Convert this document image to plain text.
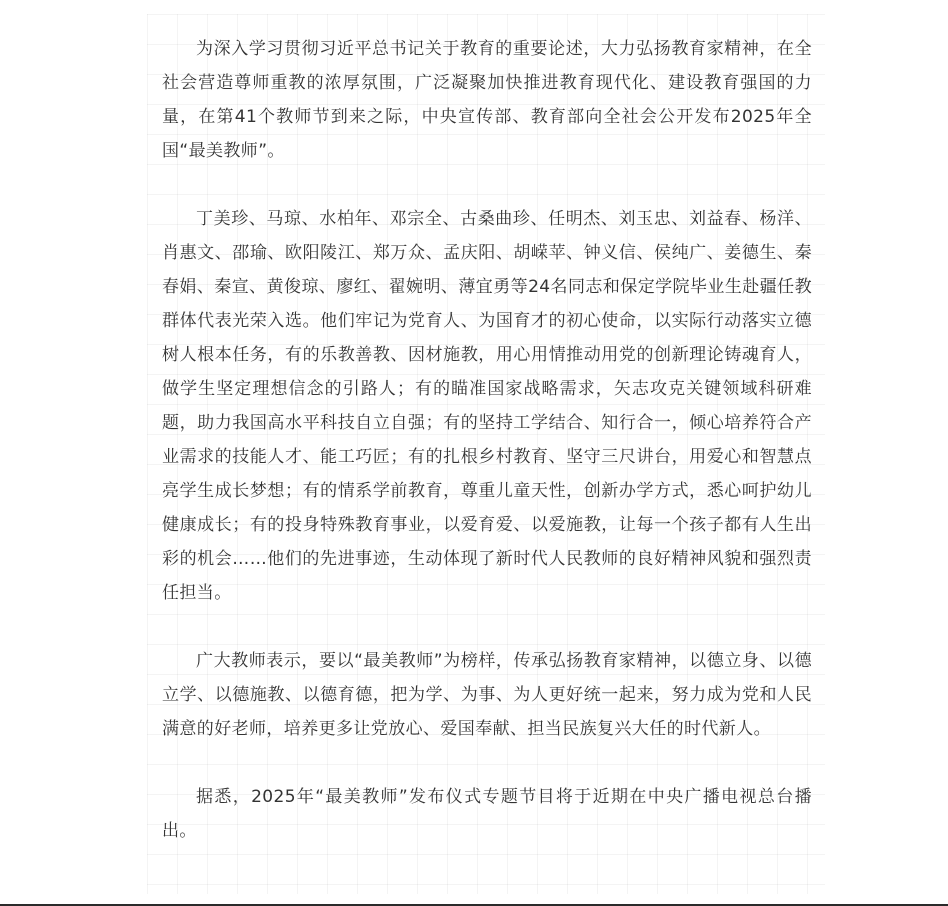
为深入学习贯彻习近平总书记关于教育的重要论述，大力弘扬教育家精神，在全社会营造尊师重教的浓厚氛围，广泛凝聚加快推进教育现代化、建设教育强国的力量，在第41个教师节到来之际，中央宣传部、教育部向全社会公开发布2025年全国“最美教师”。

丁美珍、马琼、水柏年、邓宗全、古桑曲珍、任明杰、刘玉忠、刘益春、杨洋、肖惠文、邵瑜、欧阳陵江、郑万众、孟庆阳、胡嵘苹、钟义信、侯纯广、姜德生、秦春娟、秦宣、黄俊琼、廖红、翟婉明、薄宜勇等24名同志和保定学院毕业生赴疆任教群体代表光荣入选。他们牢记为党育人、为国育才的初心使命，以实际行动落实立德树人根本任务，有的乐教善教、因材施教，用心用情推动用党的创新理论铸魂育人，做学生坚定理想信念的引路人；有的瞄准国家战略需求，矢志攻克关键领域科研难题，助力我国高水平科技自立自强；有的坚持工学结合、知行合一，倾心培养符合产业需求的技能人才、能工巧匠；有的扎根乡村教育、坚守三尺讲台，用爱心和智慧点亮学生成长梦想；有的情系学前教育，尊重儿童天性，创新办学方式，悉心呵护幼儿健康成长；有的投身特殊教育事业，以爱育爱、以爱施教，让每一个孩子都有人生出彩的机会……他们的先进事迹，生动体现了新时代人民教师的良好精神风貌和强烈责任担当。

广大教师表示，要以“最美教师”为榜样，传承弘扬教育家精神，以德立身、以德立学、以德施教、以德育德，把为学、为事、为人更好统一起来，努力成为党和人民满意的好老师，培养更多让党放心、爱国奉献、担当民族复兴大任的时代新人。

据悉，2025年“最美教师”发布仪式专题节目将于近期在中央广播电视总台播出。
